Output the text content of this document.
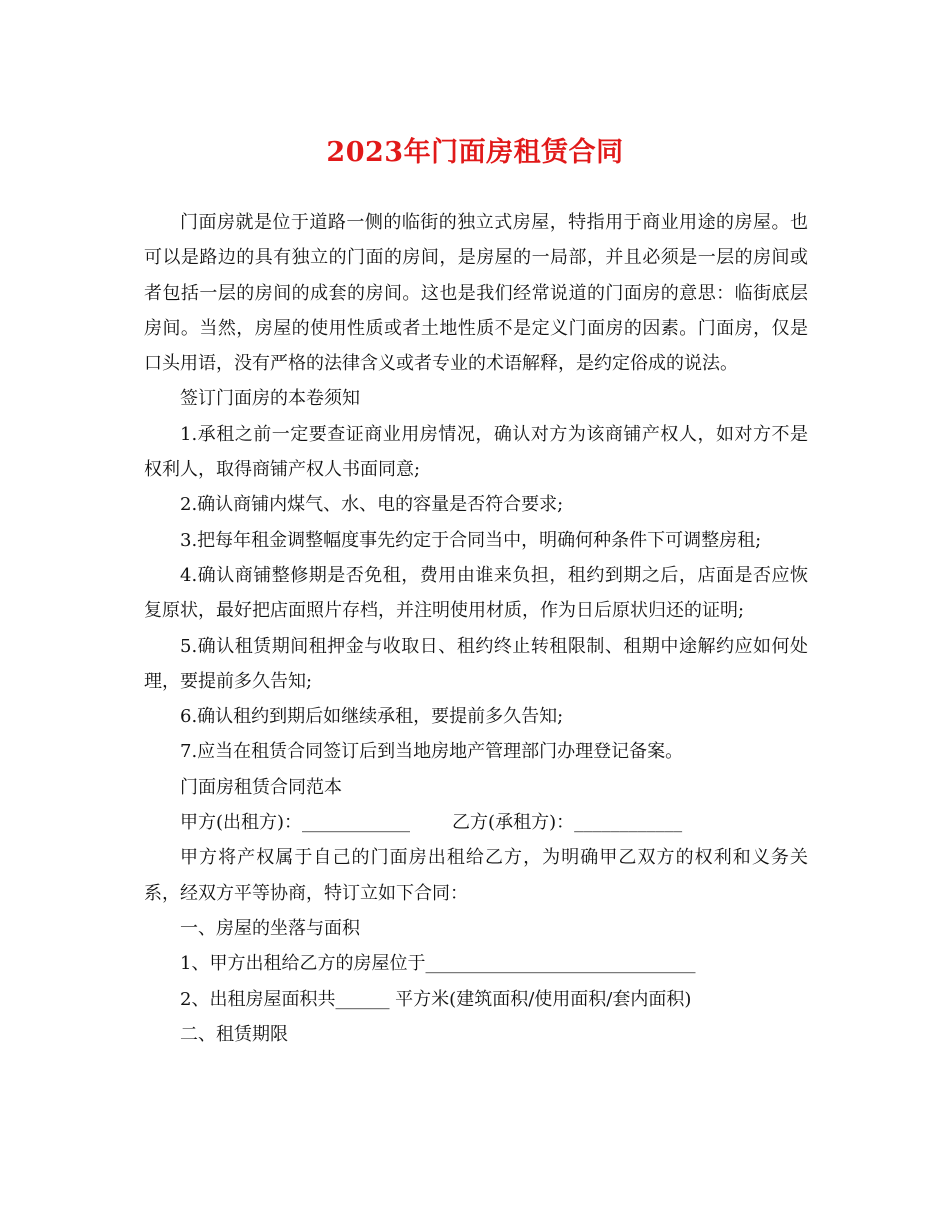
2023年门面房租赁合同

门面房就是位于道路一侧的临街的独立式房屋，特指用于商业用途的房屋。也可以是路边的具有独立的门面的房间，是房屋的一局部，并且必须是一层的房间或者包括一层的房间的成套的房间。这也是我们经常说道的门面房的意思：临街底层房间。当然，房屋的使用性质或者土地性质不是定义门面房的因素。门面房，仅是口头用语，没有严格的法律含义或者专业的术语解释，是约定俗成的说法。

签订门面房的本卷须知

1.承租之前一定要查证商业用房情况，确认对方为该商铺产权人，如对方不是权利人，取得商铺产权人书面同意;

2.确认商铺内煤气、水、电的容量是否符合要求;

3.把每年租金调整幅度事先约定于合同当中，明确何种条件下可调整房租;

4.确认商铺整修期是否免租，费用由谁来负担，租约到期之后，店面是否应恢复原状，最好把店面照片存档，并注明使用材质，作为日后原状归还的证明;

5.确认租赁期间租押金与收取日、租约终止转租限制、租期中途解约应如何处理，要提前多久告知;

6.确认租约到期后如继续承租，要提前多久告知;

7.应当在租赁合同签订后到当地房地产管理部门办理登记备案。

门面房租赁合同范本

甲方(出租方)：____________ 乙方(承租方)：____________

甲方将产权属于自己的门面房出租给乙方，为明确甲乙双方的权利和义务关系，经双方平等协商，特订立如下合同：

一、房屋的坐落与面积

1、甲方出租给乙方的房屋位于______________________________

2、出租房屋面积共______ 平方米(建筑面积/使用面积/套内面积)

二、租赁期限
